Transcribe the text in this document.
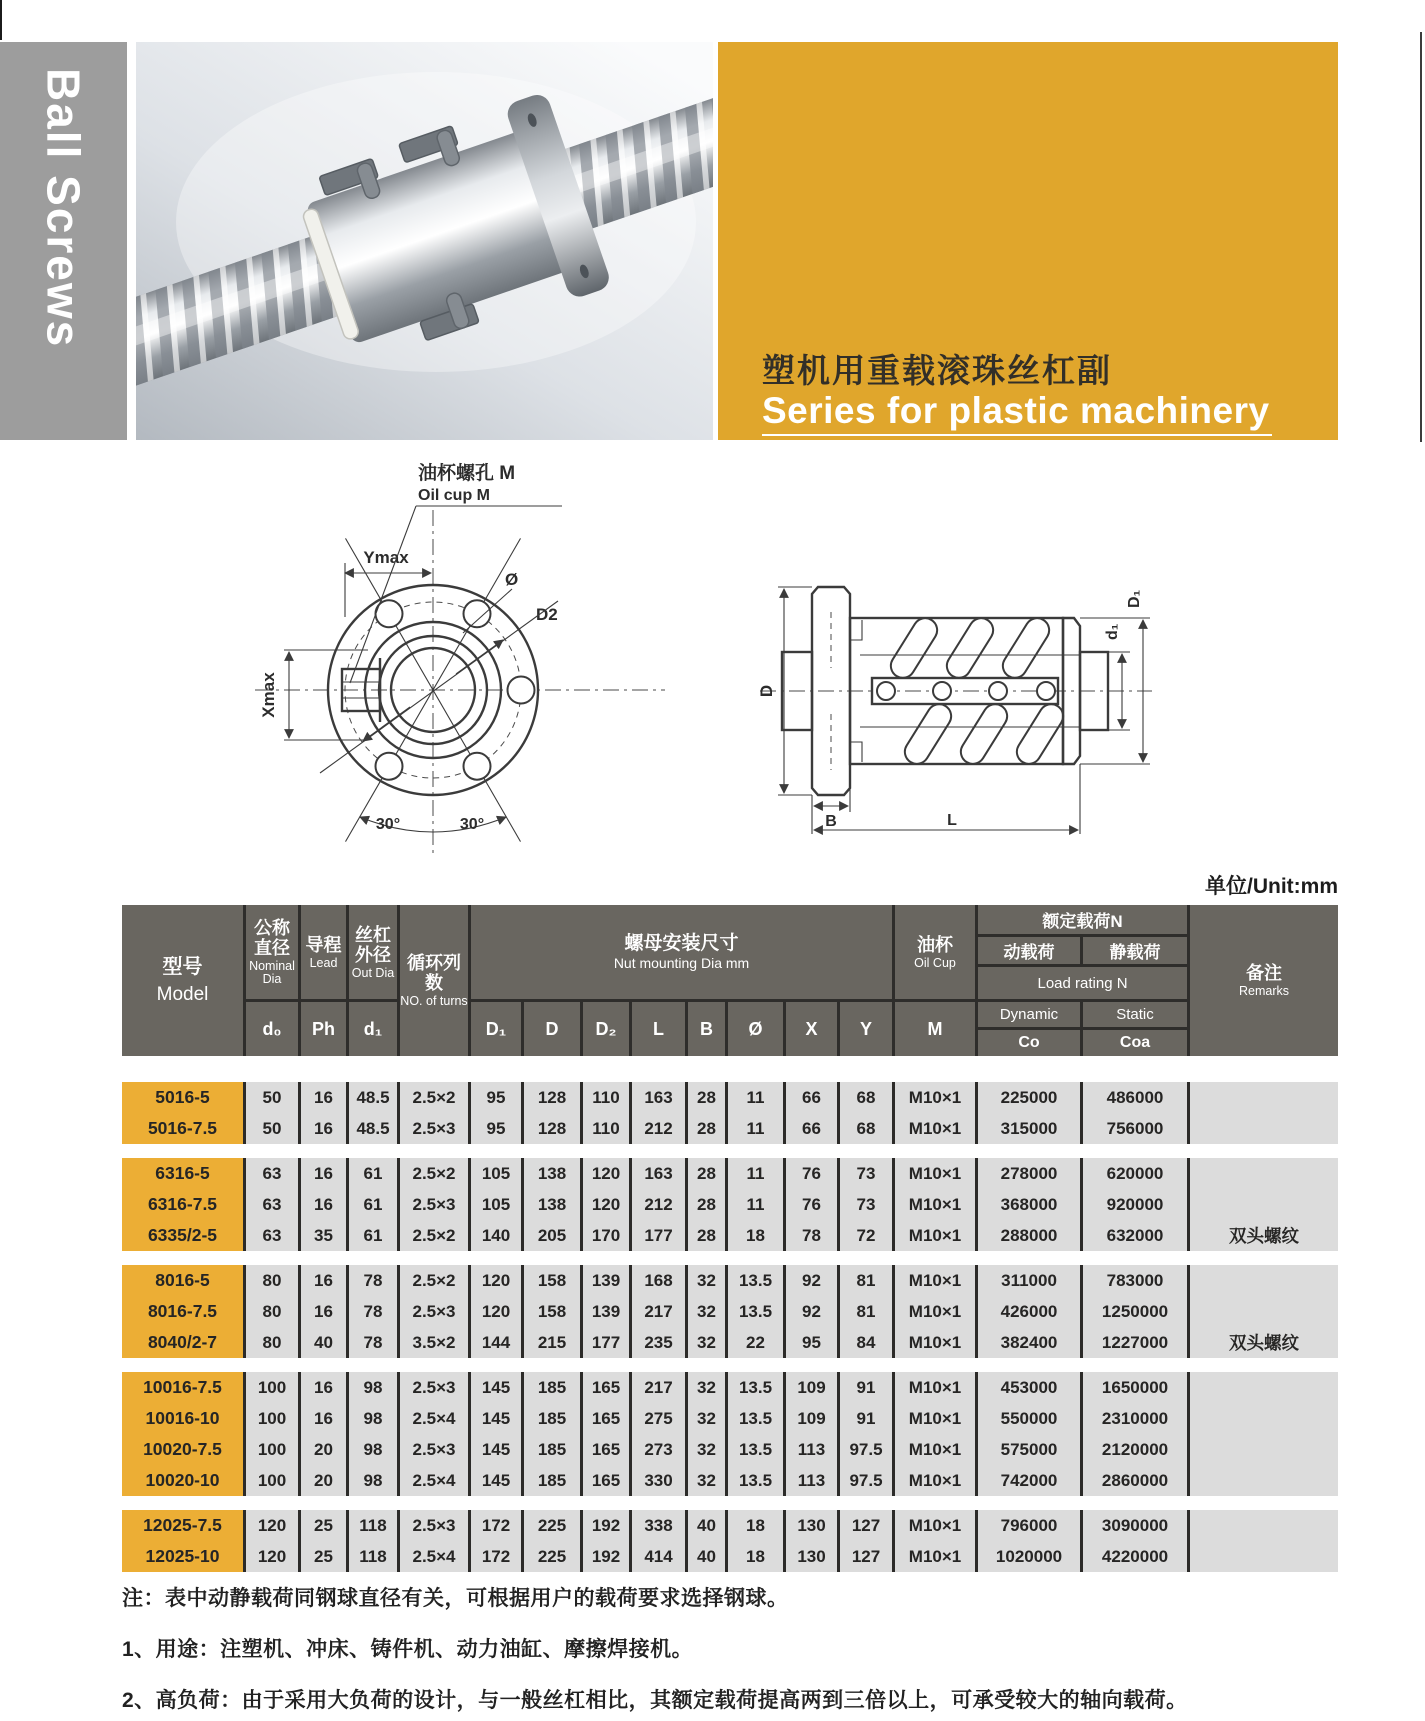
Ball Screws
塑机用重载滚珠丝杠副
Series for plastic machinery
Ymax
Xmax
油杯螺孔 M
Oil cup M
Ø
D2
30°	30°
D
d₁
D₁
B	L
单位/Unit:mm
型号
Model

公称直径
Nominal Dia

导程
Lead

丝杠外径
Out Dia	循环列数
NO. of turns

螺母安装尺寸
Nut mounting Dia mm

油杯
Oil Cup
	额定载荷N	
备注
Remarks

														动载荷	静载荷	
														Load rating N		
	d₀	Ph	d₁		D₁	D	D₂	L	B	Ø	X	Y	M	Dynamic	Static	
														Co	Coa	

5016-5	50	16	48.5	2.5×2	95	128	110	163	28	11	66	68	M10×1	225000	486000	
5016-7.5	50	16	48.5	2.5×3	95	128	110	212	28	11	66	68	M10×1	315000	756000	

6316-5	63	16	61	2.5×2	105	138	120	163	28	11	76	73	M10×1	278000	620000	
6316-7.5	63	16	61	2.5×3	105	138	120	212	28	11	76	73	M10×1	368000	920000	
6335/2-5	63	35	61	2.5×2	140	205	170	177	28	18	78	72	M10×1	288000	632000	双头螺纹

8016-5	80	16	78	2.5×2	120	158	139	168	32	13.5	92	81	M10×1	311000	783000	
8016-7.5	80	16	78	2.5×3	120	158	139	217	32	13.5	92	81	M10×1	426000	1250000	
8040/2-7	80	40	78	3.5×2	144	215	177	235	32	22	95	84	M10×1	382400	1227000	双头螺纹

10016-7.5	100	16	98	2.5×3	145	185	165	217	32	13.5	109	91	M10×1	453000	1650000	
10016-10	100	16	98	2.5×4	145	185	165	275	32	13.5	109	91	M10×1	550000	2310000	
10020-7.5	100	20	98	2.5×3	145	185	165	273	32	13.5	113	97.5	M10×1	575000	2120000	
10020-10	100	20	98	2.5×4	145	185	165	330	32	13.5	113	97.5	M10×1	742000	2860000	

12025-7.5	120	25	118	2.5×3	172	225	192	338	40	18	130	127	M10×1	796000	3090000	
12025-10	120	25	118	2.5×4	172	225	192	414	40	18	130	127	M10×1	1020000	4220000	
注：表中动静载荷同钢球直径有关，可根据用户的载荷要求选择钢球。
1、用途：注塑机、冲床、铸件机、动力油缸、摩擦焊接机。
2、高负荷：由于采用大负荷的设计，与一般丝杠相比，其额定载荷提高两到三倍以上，可承受较大的轴向载荷。
